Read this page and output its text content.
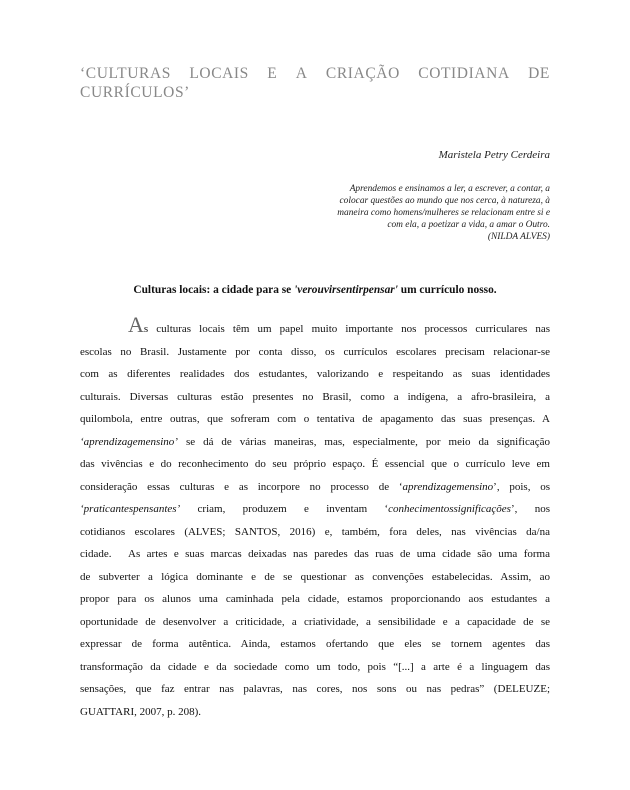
‘CULTURAS LOCAIS E A CRIAÇÃO COTIDIANA DE
CURRÍCULOS’
Maristela Petry Cerdeira
Aprendemos e ensinamos a ler, a escrever, a contar, a
colocar questões ao mundo que nos cerca, à natureza, à
maneira como homens/mulheres se relacionam entre si e
com ela, a poetizar a vida, a amar o Outro.
(NILDA ALVES)
Culturas locais: a cidade para se 'verouvirsentirpensar' um currículo nosso.
As culturas locais têm um papel muito importante nos processos curriculares nas
escolas no Brasil. Justamente por conta disso, os currículos escolares precisam relacionar-se
com as diferentes realidades dos estudantes, valorizando e respeitando as suas identidades
culturais. Diversas culturas estão presentes no Brasil, como a indígena, a afro-brasileira, a
quilombola, entre outras, que sofreram com o tentativa de apagamento das suas presenças. A
‘aprendizagemensino’ se dá de várias maneiras, mas, especialmente, por meio da significação
das vivências e do reconhecimento do seu próprio espaço. É essencial que o currículo leve em
consideração essas culturas e as incorpore no processo de ‘aprendizagemensino’, pois, os
‘praticantespensantes’  criam,  produzem  e  inventam  ‘conhecimentossignificações’,  nos
cotidianos escolares (ALVES; SANTOS, 2016) e, também, fora deles, nas vivências da/na
cidade.	As artes e suas marcas deixadas nas paredes das ruas de uma cidade são uma forma
de subverter a lógica dominante e de se questionar as convenções estabelecidas. Assim, ao
propor para os alunos uma caminhada pela cidade, estamos proporcionando aos estudantes a
oportunidade de desenvolver a criticidade, a criatividade, a sensibilidade e a capacidade de se
expressar de forma autêntica. Ainda, estamos ofertando que eles se tornem agentes das
transformação da cidade e da sociedade como um todo, pois “[...] a arte é a linguagem das
sensações, que faz entrar nas palavras, nas cores, nos sons ou nas pedras” (DELEUZE;
GUATTARI, 2007, p. 208).
